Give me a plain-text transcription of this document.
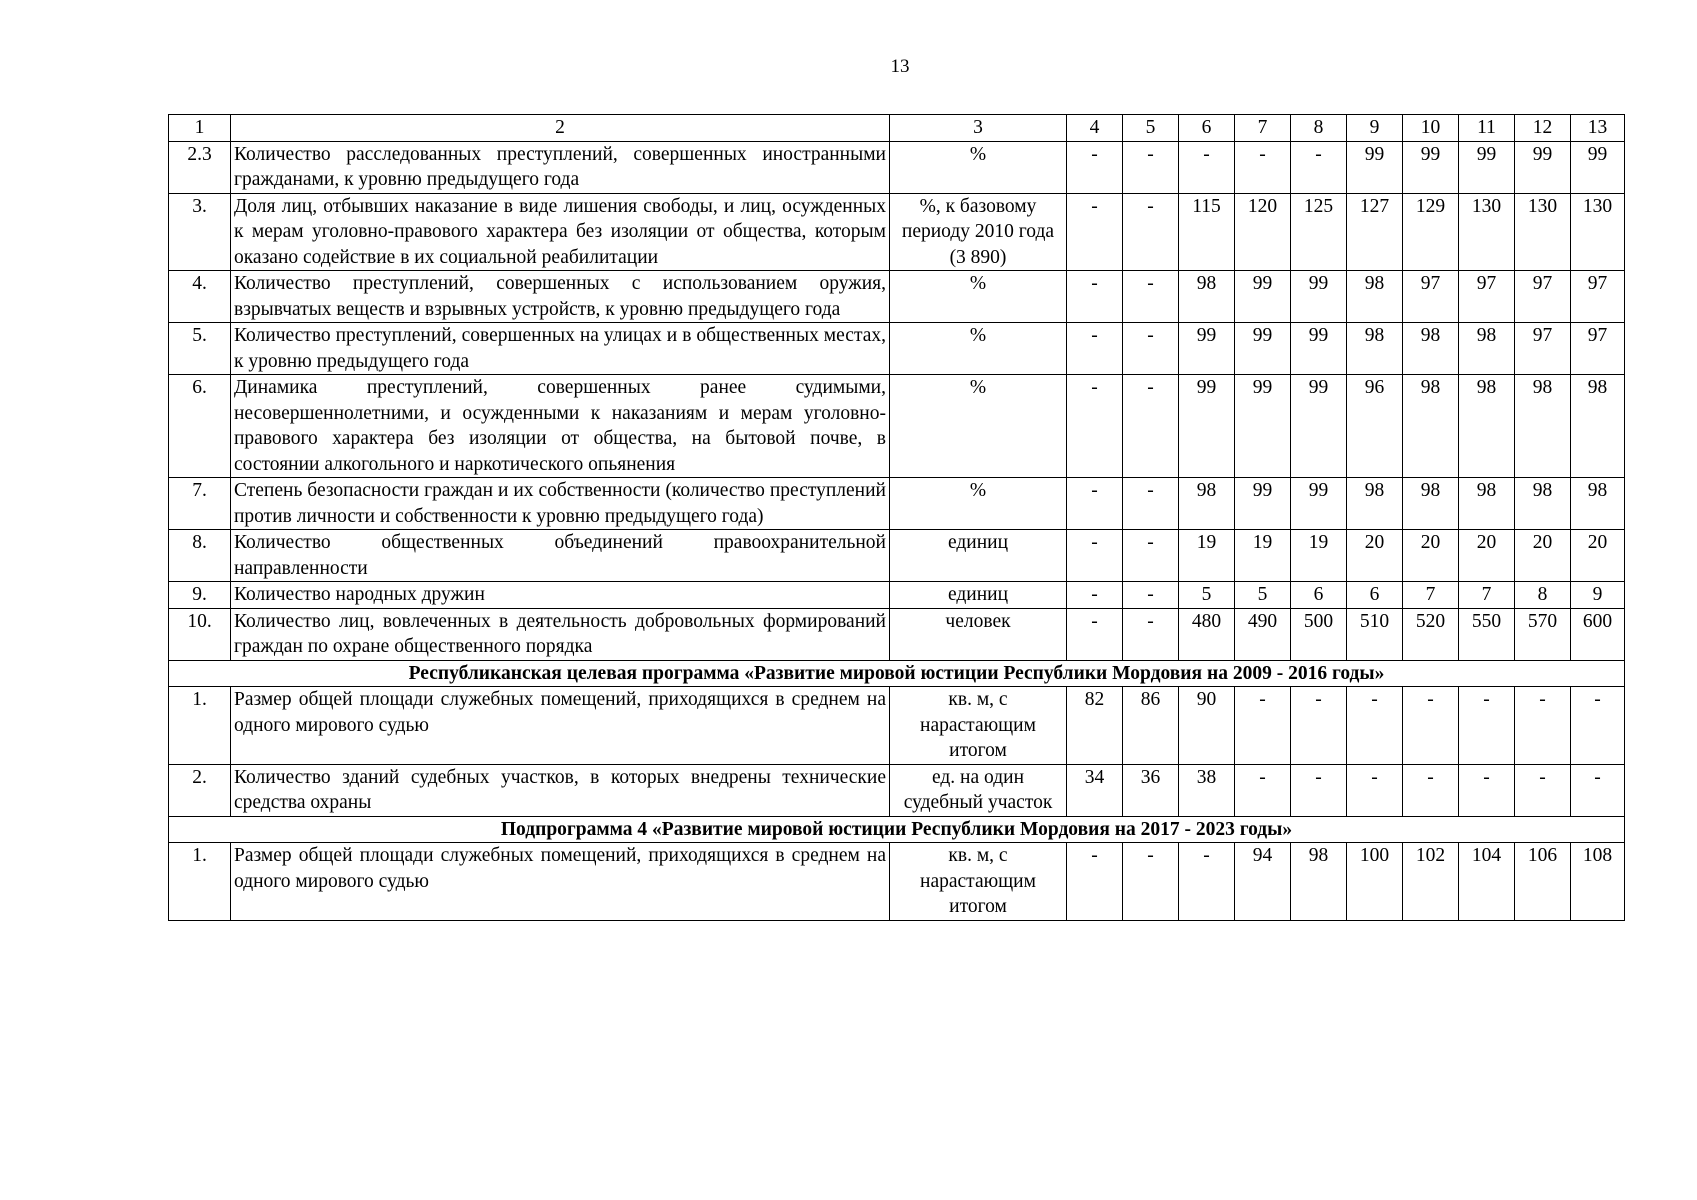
13
1	2	3	4	5	6	7	8	9	10	11	12	13
2.3	Количество расследованных преступлений, совершенных иностранными гражданами, к уровню предыдущего года	%	-	-	-	-	-	99	99	99	99	99
3.	Доля лиц, отбывших наказание в виде лишения свободы, и лиц, осужденных к мерам уголовно-правового характера без изоляции от общества, которым оказано содействие в их социальной реабилитации	%, к базовому периоду 2010 года (3 890)	-	-	115	120	125	127	129	130	130	130
4.	Количество преступлений, совершенных с использованием оружия, взрывчатых веществ и взрывных устройств, к уровню предыдущего года	%	-	-	98	99	99	98	97	97	97	97
5.	Количество преступлений, совершенных на улицах и в общественных местах, к уровню предыдущего года	%	-	-	99	99	99	98	98	98	97	97
6.	Динамика преступлений, совершенных ранее судимыми, несовершеннолетними, и осужденными к наказаниям и мерам уголовно-правового характера без изоляции от общества, на бытовой почве, в состоянии алкогольного и наркотического опьянения	%	-	-	99	99	99	96	98	98	98	98
7.	Степень безопасности граждан и их собственности (количество преступлений против личности и собственности к уровню предыдущего года)	%	-	-	98	99	99	98	98	98	98	98
8.	Количество общественных объединений правоохранительной направленности	единиц	-	-	19	19	19	20	20	20	20	20
9.	Количество народных дружин	единиц	-	-	5	5	6	6	7	7	8	9
10.	Количество лиц, вовлеченных в деятельность добровольных формирований граждан по охране общественного порядка	человек	-	-	480	490	500	510	520	550	570	600
Республиканская целевая программа «Развитие мировой юстиции Республики Мордовия на 2009 - 2016 годы»												
1.	Размер общей площади служебных помещений, приходящихся в среднем на одного мирового судью	кв. м, с нарастающим итогом	82	86	90	-	-	-	-	-	-	-
2.	Количество зданий судебных участков, в которых внедрены технические средства охраны	ед. на один судебный участок	34	36	38	-	-	-	-	-	-	-
Подпрограмма 4 «Развитие мировой юстиции Республики Мордовия на 2017 - 2023 годы»												
1.	Размер общей площади служебных помещений, приходящихся в среднем на одного мирового судью	кв. м, с нарастающим итогом	-	-	-	94	98	100	102	104	106	108
